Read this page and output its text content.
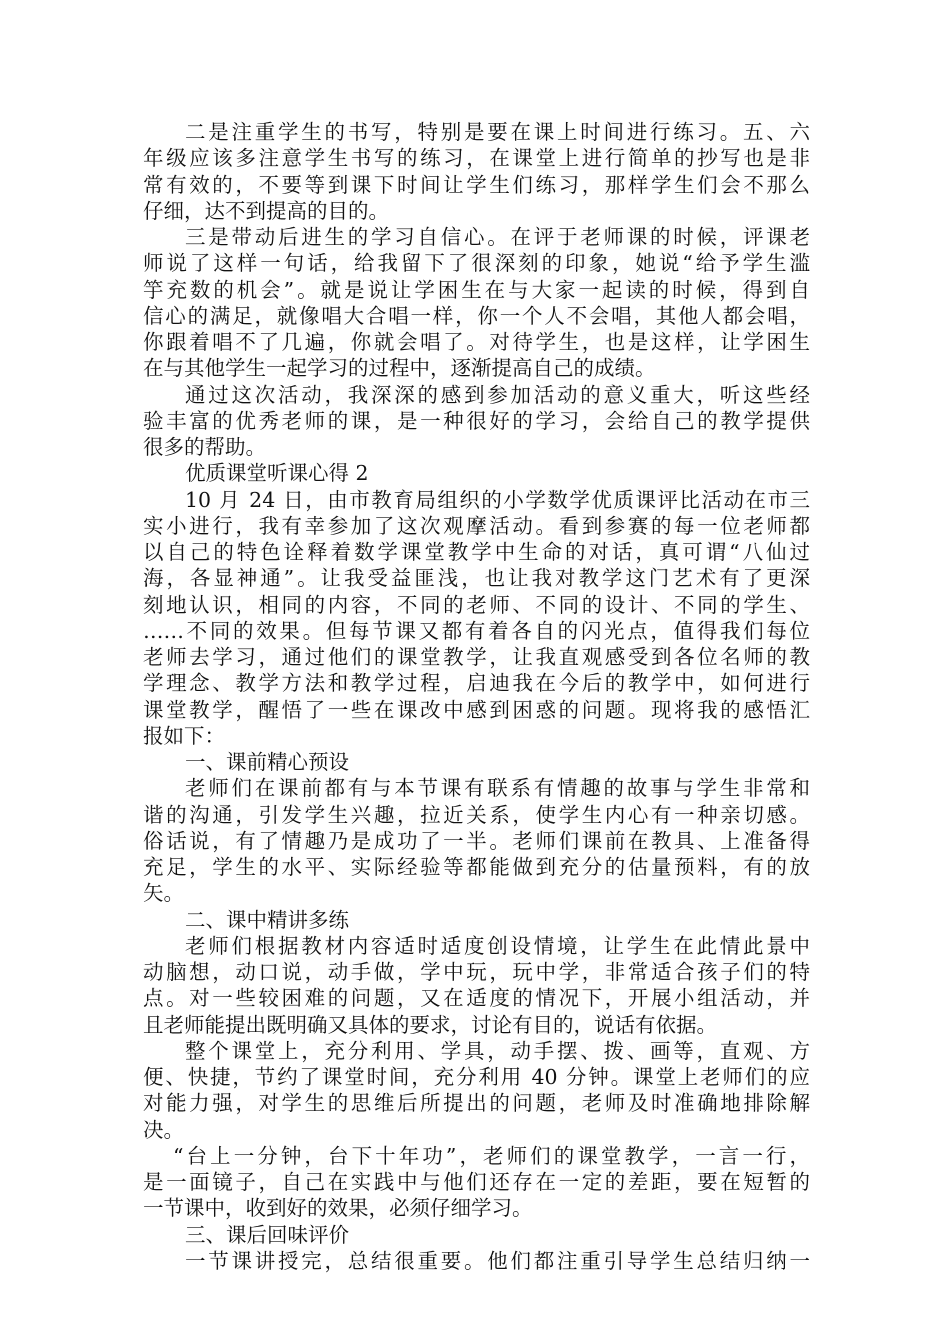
二是注重学生的书写，特别是要在课上时间进行练习。五、六
年级应该多注意学生书写的练习，在课堂上进行简单的抄写也是非
常有效的，不要等到课下时间让学生们练习，那样学生们会不那么
仔细，达不到提高的目的。
三是带动后进生的学习自信心。在评于老师课的时候，评课老
师说了这样一句话，给我留下了很深刻的印象，她说“给予学生滥
竽充数的机会”。就是说让学困生在与大家一起读的时候，得到自
信心的满足，就像唱大合唱一样，你一个人不会唱，其他人都会唱，
你跟着唱不了几遍，你就会唱了。对待学生，也是这样，让学困生
在与其他学生一起学习的过程中，逐渐提高自己的成绩。
通过这次活动，我深深的感到参加活动的意义重大，听这些经
验丰富的优秀老师的课，是一种很好的学习，会给自己的教学提供
很多的帮助。
优质课堂听课心得 2
10 月 24 日，由市教育局组织的小学数学优质课评比活动在市三
实小进行，我有幸参加了这次观摩活动。看到参赛的每一位老师都
以自己的特色诠释着数学课堂教学中生命的对话，真可谓“八仙过
海，各显神通”。让我受益匪浅，也让我对教学这门艺术有了更深
刻地认识，相同的内容，不同的老师、不同的设计、不同的学生、
……不同的效果。但每节课又都有着各自的闪光点，值得我们每位
老师去学习，通过他们的课堂教学，让我直观感受到各位名师的教
学理念、教学方法和教学过程，启迪我在今后的教学中，如何进行
课堂教学，醒悟了一些在课改中感到困惑的问题。现将我的感悟汇
报如下：
一、课前精心预设
老师们在课前都有与本节课有联系有情趣的故事与学生非常和
谐的沟通，引发学生兴趣，拉近关系，使学生内心有一种亲切感。
俗话说，有了情趣乃是成功了一半。老师们课前在教具、上准备得
充足，学生的水平、实际经验等都能做到充分的估量预料，有的放
矢。
二、课中精讲多练
老师们根据教材内容适时适度创设情境，让学生在此情此景中
动脑想，动口说，动手做，学中玩，玩中学，非常适合孩子们的特
点。对一些较困难的问题，又在适度的情况下，开展小组活动，并
且老师能提出既明确又具体的要求，讨论有目的，说话有依据。
整个课堂上，充分利用、学具，动手摆、拨、画等，直观、方
便、快捷，节约了课堂时间，充分利用 40 分钟。课堂上老师们的应
对能力强，对学生的思维后所提出的问题，老师及时准确地排除解
决。
“台上一分钟，台下十年功”，老师们的课堂教学，一言一行，
是一面镜子，自己在实践中与他们还存在一定的差距，要在短暂的
一节课中，收到好的效果，必须仔细学习。
三、课后回味评价
一节课讲授完，总结很重要。他们都注重引导学生总结归纳一
